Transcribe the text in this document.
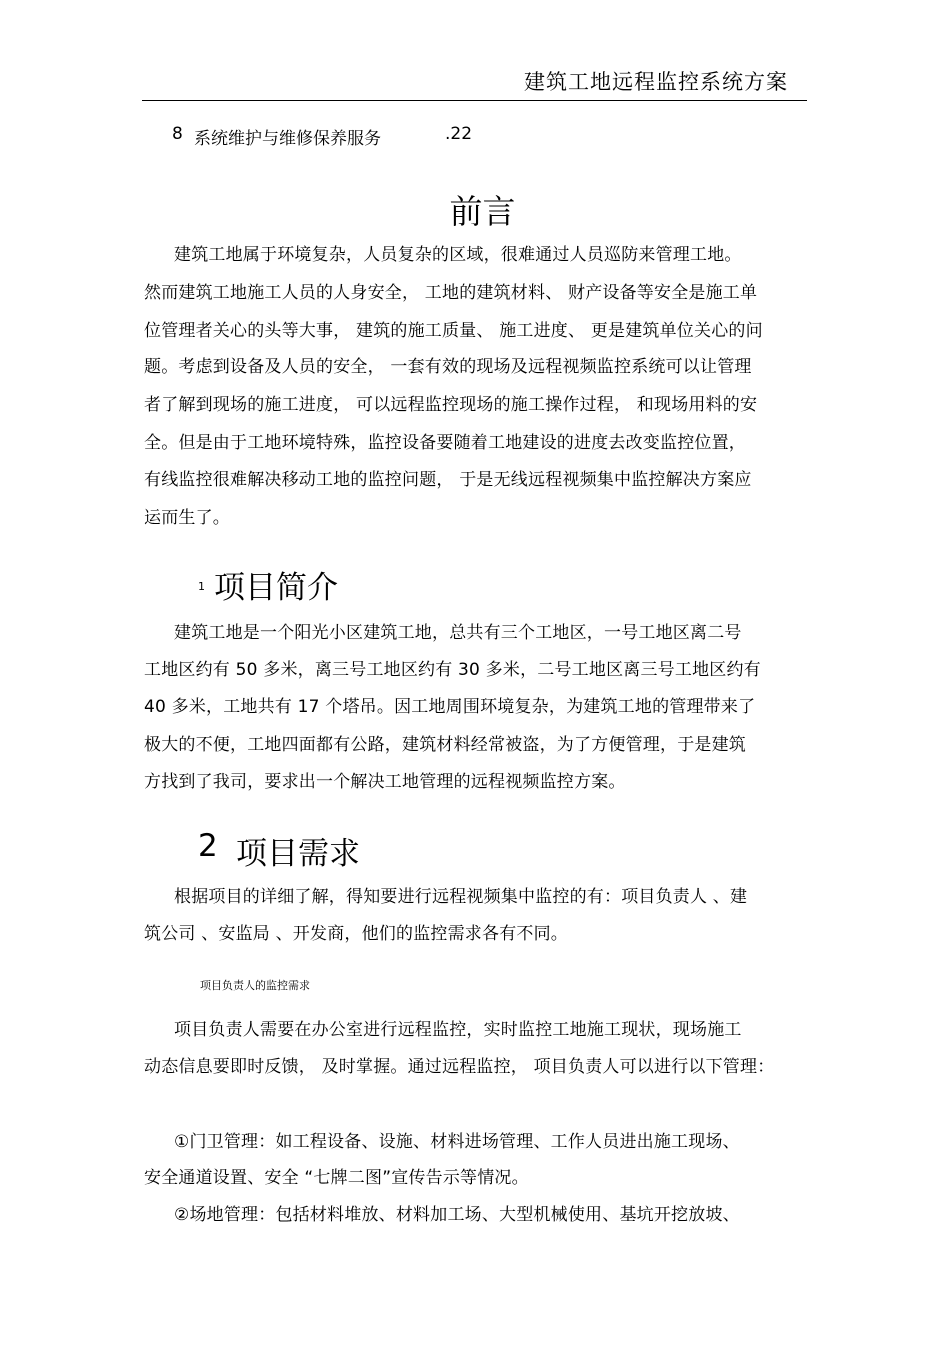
建筑工地远程监控系统方案
8 系统维护与维修保养服务	.22
前言
建筑工地属于环境复杂，人员复杂的区域，很难通过人员巡防来管理工地。
然而建筑工地施工人员的人身安全， 工地的建筑材料、 财产设备等安全是施工单
位管理者关心的头等大事， 建筑的施工质量、 施工进度、 更是建筑单位关心的问
题。考虑到设备及人员的安全， 一套有效的现场及远程视频监控系统可以让管理
者了解到现场的施工进度， 可以远程监控现场的施工操作过程， 和现场用料的安
全。但是由于工地环境特殊，监控设备要随着工地建设的进度去改变监控位置，
有线监控很难解决移动工地的监控问题， 于是无线远程视频集中监控解决方案应
运而生了。
1 项目简介
建筑工地是一个阳光小区建筑工地，总共有三个工地区，一号工地区离二号
工地区约有 50 多米，离三号工地区约有 30 多米，二号工地区离三号工地区约有
40 多米，工地共有 17 个塔吊。因工地周围环境复杂，为建筑工地的管理带来了
极大的不便，工地四面都有公路，建筑材料经常被盗，为了方便管理，于是建筑
方找到了我司，要求出一个解决工地管理的远程视频监控方案。
2 项目需求
根据项目的详细了解，得知要进行远程视频集中监控的有：项目负责人 、建
筑公司 、安监局 、开发商，他们的监控需求各有不同。
项目负责人的监控需求
项目负责人需要在办公室进行远程监控，实时监控工地施工现状，现场施工
动态信息要即时反馈， 及时掌握。通过远程监控， 项目负责人可以进行以下管理：
①门卫管理：如工程设备、设施、材料进场管理、工作人员进出施工现场、
安全通道设置、安全 “七牌二图”宣传告示等情况。
②场地管理：包括材料堆放、材料加工场、大型机械使用、基坑开挖放坡、
